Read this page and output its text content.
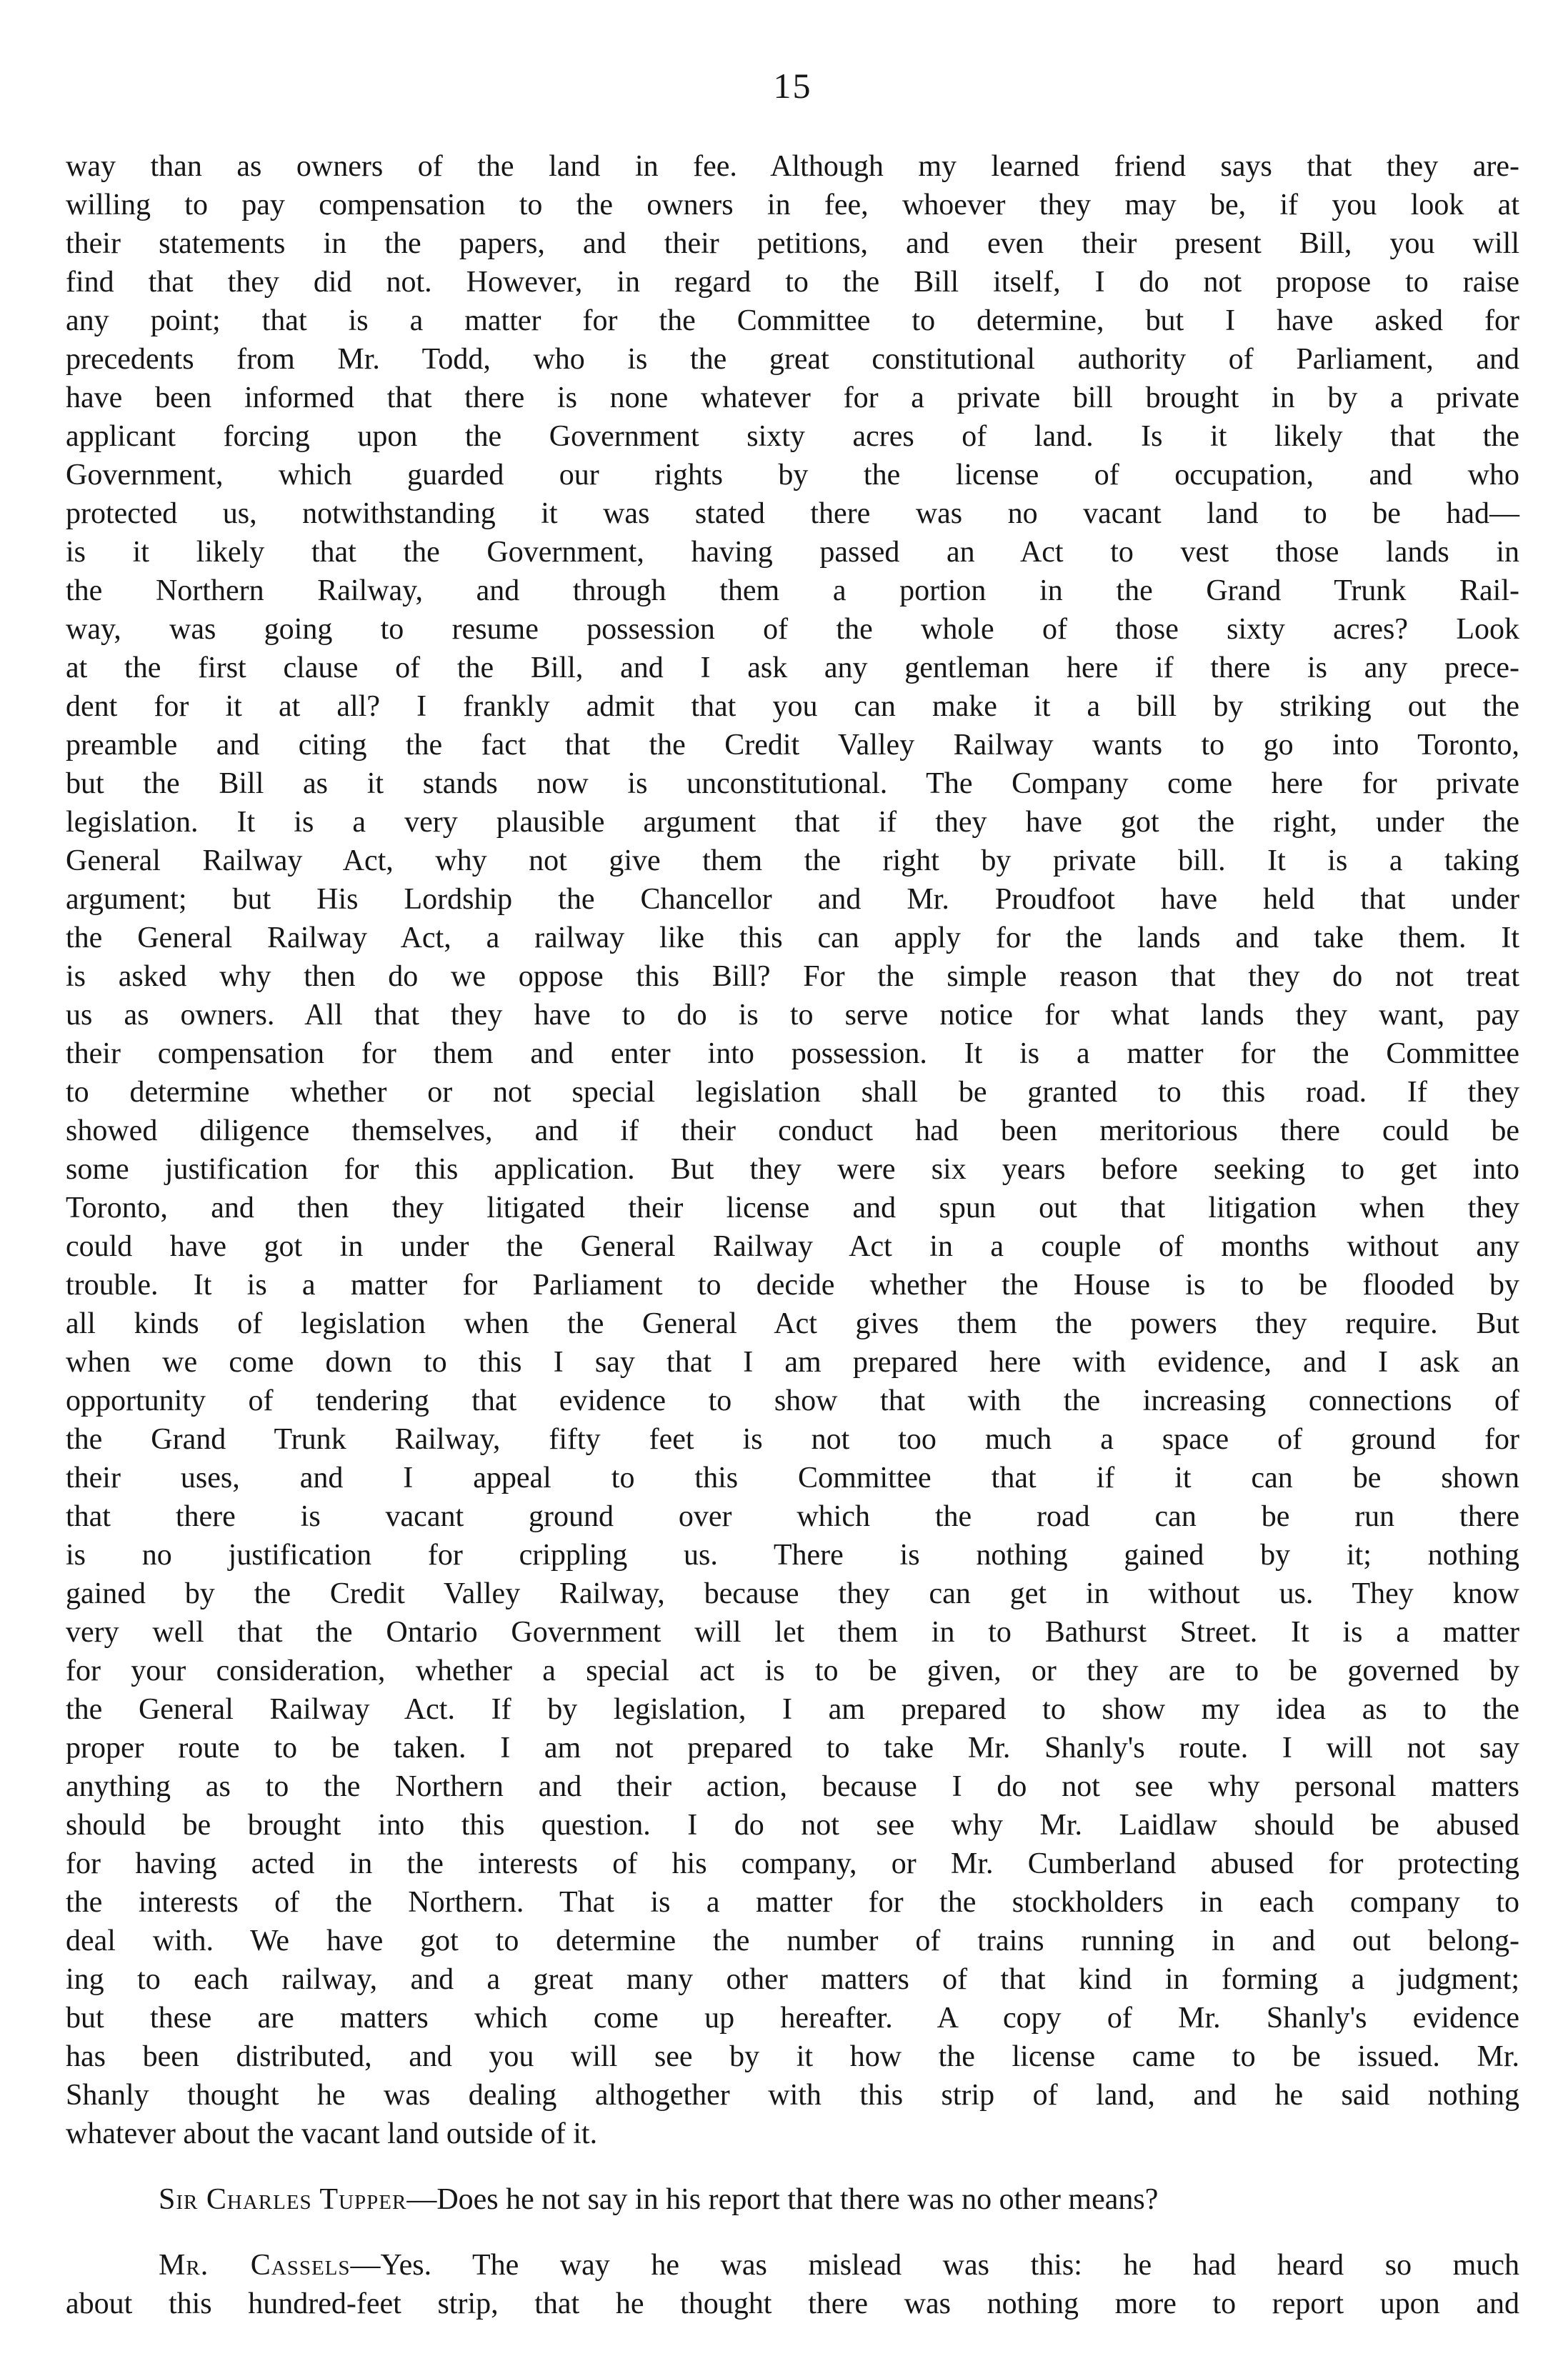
15
way than as owners of the land in fee. Although my learned friend says that they are-
willing to pay compensation to the owners in fee, whoever they may be, if you look at
their statements in the papers, and their petitions, and even their present Bill, you will
find that they did not. However, in regard to the Bill itself, I do not propose to raise
any point; that is a matter for the Committee to determine, but I have asked for
precedents from Mr. Todd, who is the great constitutional authority of Parliament, and
have been informed that there is none whatever for a private bill brought in by a private
applicant forcing upon the Government sixty acres of land. Is it likely that the
Government, which guarded our rights by the license of occupation, and who
protected us, notwithstanding it was stated there was no vacant land to be had—
is it likely that the Government, having passed an Act to vest those lands in
the Northern Railway, and through them a portion in the Grand Trunk Rail-
way, was going to resume possession of the whole of those sixty acres? Look
at the first clause of the Bill, and I ask any gentleman here if there is any prece-
dent for it at all? I frankly admit that you can make it a bill by striking out the
preamble and citing the fact that the Credit Valley Railway wants to go into Toronto,
but the Bill as it stands now is unconstitutional. The Company come here for private
legislation. It is a very plausible argument that if they have got the right, under the
General Railway Act, why not give them the right by private bill. It is a taking
argument; but His Lordship the Chancellor and Mr. Proudfoot have held that under
the General Railway Act, a railway like this can apply for the lands and take them. It
is asked why then do we oppose this Bill? For the simple reason that they do not treat
us as owners. All that they have to do is to serve notice for what lands they want, pay
their compensation for them and enter into possession. It is a matter for the Committee
to determine whether or not special legislation shall be granted to this road. If they
showed diligence themselves, and if their conduct had been meritorious there could be
some justification for this application. But they were six years before seeking to get into
Toronto, and then they litigated their license and spun out that litigation when they
could have got in under the General Railway Act in a couple of months without any
trouble. It is a matter for Parliament to decide whether the House is to be flooded by
all kinds of legislation when the General Act gives them the powers they require. But
when we come down to this I say that I am prepared here with evidence, and I ask an
opportunity of tendering that evidence to show that with the increasing connections of
the Grand Trunk Railway, fifty feet is not too much a space of ground for
their uses, and I appeal to this Committee that if it can be shown
that there is vacant ground over which the road can be run there
is no justification for crippling us. There is nothing gained by it; nothing
gained by the Credit Valley Railway, because they can get in without us. They know
very well that the Ontario Government will let them in to Bathurst Street. It is a matter
for your consideration, whether a special act is to be given, or they are to be governed by
the General Railway Act. If by legislation, I am prepared to show my idea as to the
proper route to be taken. I am not prepared to take Mr. Shanly's route. I will not say
anything as to the Northern and their action, because I do not see why personal matters
should be brought into this question. I do not see why Mr. Laidlaw should be abused
for having acted in the interests of his company, or Mr. Cumberland abused for protecting
the interests of the Northern. That is a matter for the stockholders in each company to
deal with. We have got to determine the number of trains running in and out belong-
ing to each railway, and a great many other matters of that kind in forming a judgment;
but these are matters which come up hereafter. A copy of Mr. Shanly's evidence
has been distributed, and you will see by it how the license came to be issued. Mr.
Shanly thought he was dealing althogether with this strip of land, and he said nothing
whatever about the vacant land outside of it.
Sir Charles Tupper—Does he not say in his report that there was no other means?
Mr. Cassels—Yes. The way he was mislead was this: he had heard so much
about this hundred-feet strip, that he thought there was nothing more to report upon and
